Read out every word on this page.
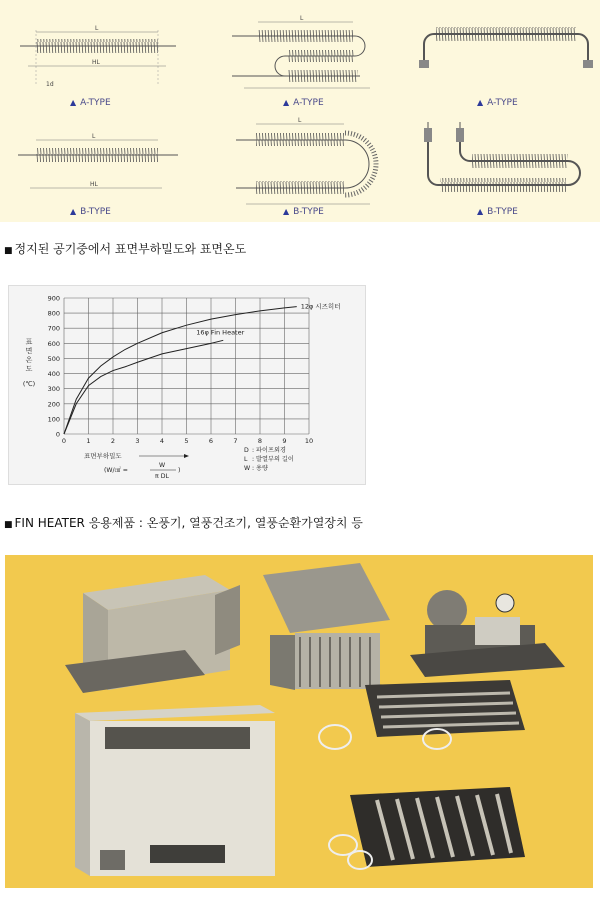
L
HL
1d
L
L
HL
L
▲ A-TYPE	▲ A-TYPE	▲ A-TYPE
▲ B-TYPE	▲ B-TYPE	▲ B-TYPE
■ 정지된 공기중에서 표면부하밀도와 표면온도
0
100
200
300
400
500
600
700
800
900
0	1	2	3	4	5	6	7	8	9	10
표
면
온
도
(℃)
12φ 시즈히터
16φ Fin Heater
표면부하밀도
(W/㎠ =
W
π DL
)
D : 파이프외경
L : 발열부의 길이
W : 용량
■ FIN HEATER 응용제품 : 온풍기, 열풍건조기, 열풍순환가열장치 등
